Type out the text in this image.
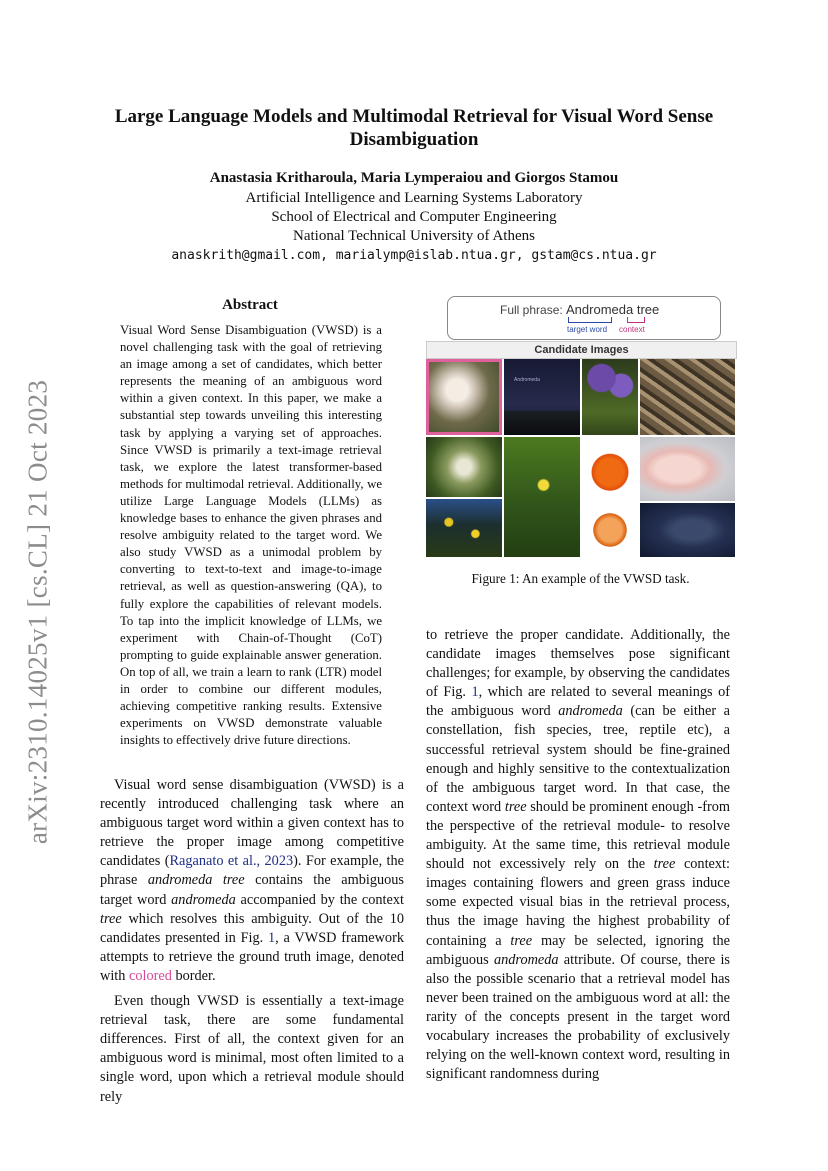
arXiv:2310.14025v1 [cs.CL] 21 Oct 2023
Large Language Models and Multimodal Retrieval for Visual Word Sense
Disambiguation
Anastasia Kritharoula, Maria Lymperaiou and Giorgos Stamou
Artificial Intelligence and Learning Systems Laboratory
School of Electrical and Computer Engineering
National Technical University of Athens
anaskrith@gmail.com, marialymp@islab.ntua.gr, gstam@cs.ntua.gr
Abstract
Visual Word Sense Disambiguation (VWSD) is a novel challenging task with the goal of retrieving an image among a set of candidates, which better represents the meaning of an ambiguous word within a given context. In this paper, we make a substantial step towards unveiling this interesting task by applying a varying set of approaches. Since VWSD is primarily a text-image retrieval task, we explore the latest transformer-based methods for multimodal retrieval. Additionally, we utilize Large Language Models (LLMs) as knowledge bases to enhance the given phrases and resolve ambiguity related to the target word. We also study VWSD as a unimodal problem by converting to text-to-text and image-to-image retrieval, as well as question-answering (QA), to fully explore the capabilities of relevant models. To tap into the implicit knowledge of LLMs, we experiment with Chain-of-Thought (CoT) prompting to guide explainable answer generation. On top of all, we train a learn to rank (LTR) model in order to combine our different modules, achieving competitive ranking results. Extensive experiments on VWSD demonstrate valuable insights to effectively drive future directions.
Full phrase: Andromeda tree
target word context
Candidate Images
Andromeda
Figure 1: An example of the VWSD task.

Visual word sense disambiguation (VWSD) is a recently introduced challenging task where an ambiguous target word within a given context has to retrieve the proper image among competitive candidates (Raganato et al., 2023). For example, the phrase andromeda tree contains the ambiguous target word andromeda accompanied by the context tree which resolves this ambiguity. Out of the 10 candidates presented in Fig. 1, a VWSD framework attempts to retrieve the ground truth image, denoted with colored border.

Even though VWSD is essentially a text-image retrieval task, there are some fundamental differences. First of all, the context given for an ambiguous word is minimal, most often limited to a single word, upon which a retrieval module should rely

to retrieve the proper candidate. Additionally, the candidate images themselves pose significant challenges; for example, by observing the candidates of Fig. 1, which are related to several meanings of the ambiguous word andromeda (can be either a constellation, fish species, tree, reptile etc), a successful retrieval system should be fine-grained enough and highly sensitive to the contextualization of the ambiguous target word. In that case, the context word tree should be prominent enough -from the perspective of the retrieval module- to resolve ambiguity. At the same time, this retrieval module should not excessively rely on the tree context: images containing flowers and green grass induce some expected visual bias in the retrieval process, thus the image having the highest probability of containing a tree may be selected, ignoring the ambiguous andromeda attribute. Of course, there is also the possible scenario that a retrieval model has never been trained on the ambiguous word at all: the rarity of the concepts present in the target word vocabulary increases the probability of exclusively relying on the well-known context word, resulting in significant randomness during
